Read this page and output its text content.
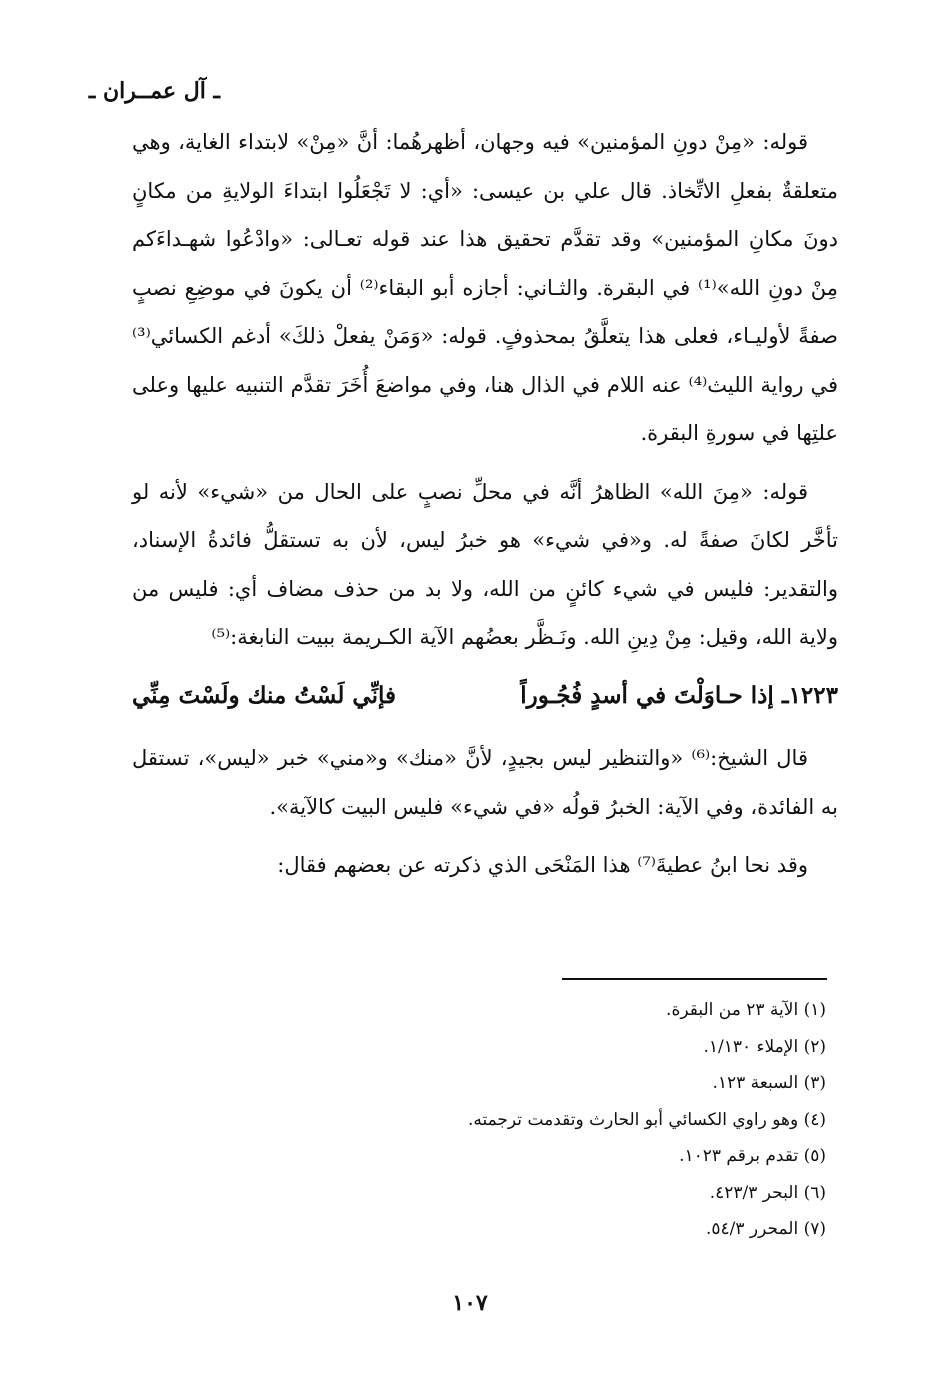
ـ آل عمــران ـ

قوله: «مِنْ دونِ المؤمنين» فيه وجهان، أظهرهُما: أنَّ «مِنْ» لابتداء الغاية، وهي متعلقةٌ بفعلِ الاتِّخاذ. قال علي بن عيسى: «أي: لا تَجْعَلُوا ابتداءَ الولايةِ من مكانٍ دونَ مكانِ المؤمنين» وقد تقدَّم تحقيق هذا عند قوله تعـالى: «وادْعُوا شهـداءَكم مِنْ دونِ الله»⁽¹⁾ في البقرة. والثـاني: أجازه أبو البقاء⁽²⁾ أن يكونَ في موضِعِ نصبٍ صفةً لأوليـاء، فعلى هذا يتعلَّقُ بمحذوفٍ. قوله: «وَمَنْ يفعلْ ذلكَ» أدغم الكسائي⁽³⁾ في رواية الليث⁽⁴⁾ عنه اللام في الذال هنا، وفي مواضعَ أُخَرَ تقدَّم التنبيه عليها وعلى علتِها في سورةِ البقرة.

قوله: «مِنَ الله» الظاهرُ أنَّه في محلِّ نصبٍ على الحال من «شيء» لأنه لو تأخَّر لكانَ صفةً له. و«في شيء» هو خبرُ ليس، لأن به تستقلُّ فائدةُ الإسناد، والتقدير: فليس في شيء كائنٍ من الله، ولا بد من حذف مضاف أي: فليس من ولاية الله، وقيل: مِنْ دِينِ الله. ونَـظَّر بعضُهم الآية الكـريمة ببيت النابغة:⁽⁵⁾

١٢٢٣ـ إذا حـاوَلْتَ في أسدٍ فُجُـوراً
فإنِّي لَسْتُ منك ولَسْتَ مِنِّي

قال الشيخ:⁽⁶⁾ «والتنظير ليس بجيدٍ، لأنَّ «منك» و«مني» خبر «ليس»، تستقل به الفائدة، وفي الآية: الخبرُ قولُه «في شيء» فليس البيت كالآية».

وقد نحا ابنُ عطيةَ⁽⁷⁾ هذا المَنْحَى الذي ذكرته عن بعضهم فقال:

(١) الآية ٢٣ من البقرة.
(٢) الإملاء ١/١٣٠.
(٣) السبعة ١٢٣.
(٤) وهو راوي الكسائي أبو الحارث وتقدمت ترجمته.
(٥) تقدم برقم ١٠٢٣.
(٦) البحر ٤٢٣/٣.
(٧) المحرر ٥٤/٣.
١٠٧
